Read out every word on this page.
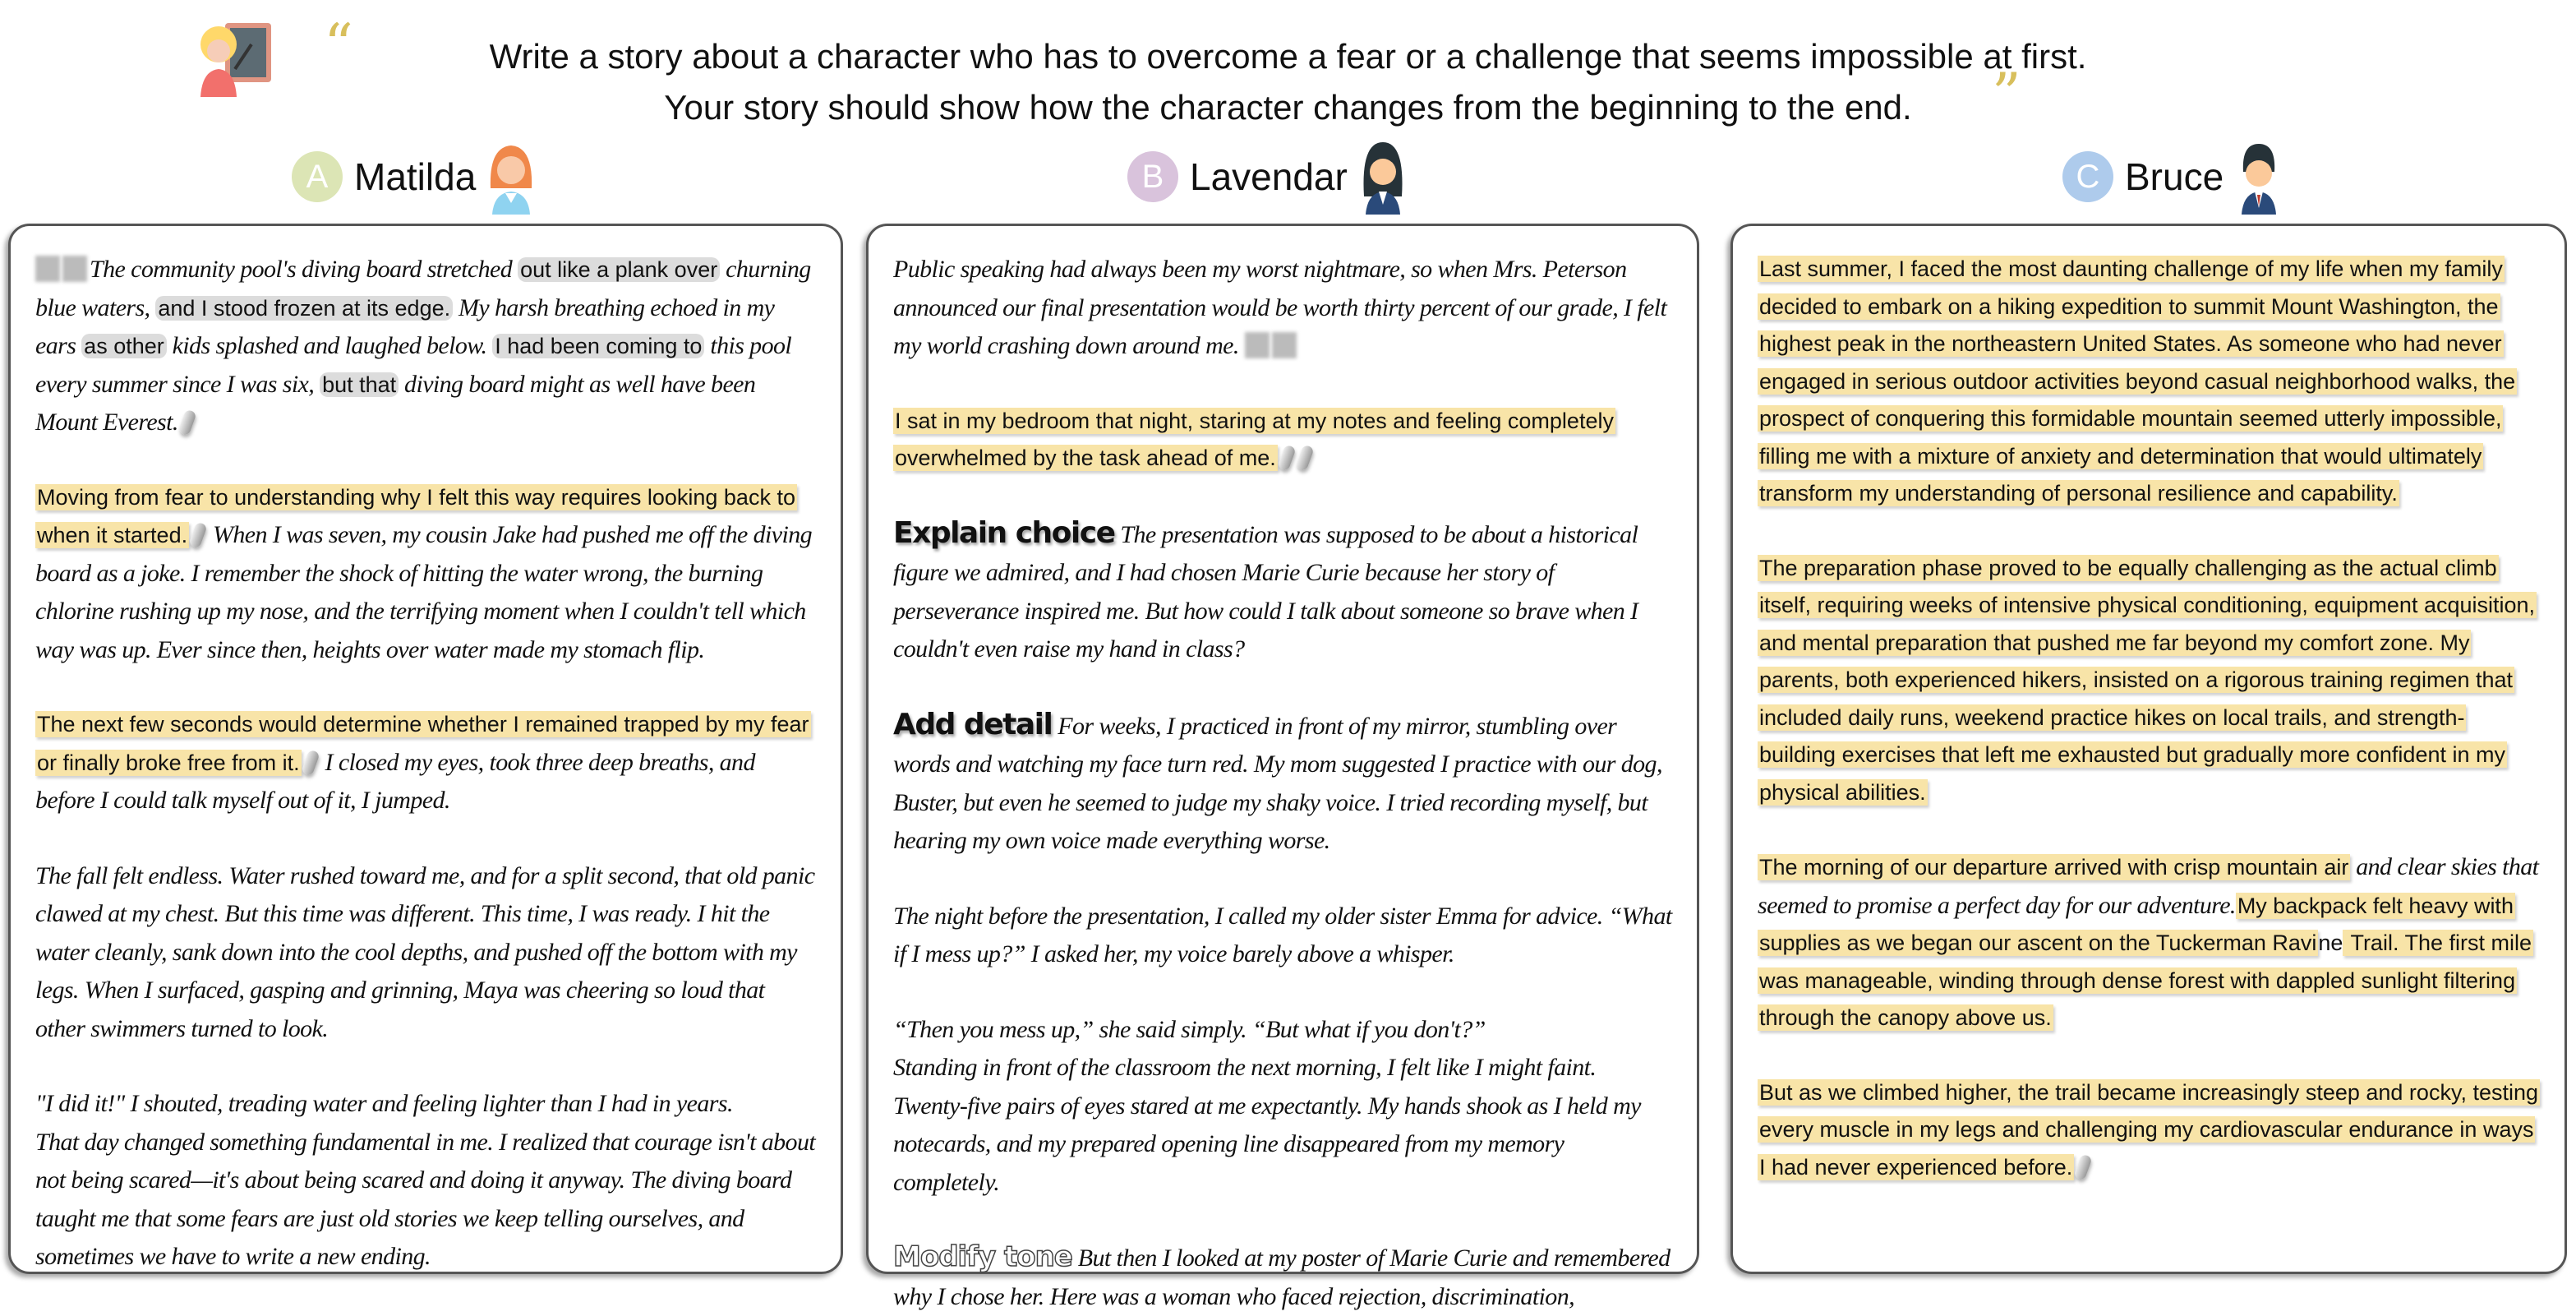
Write a story about a character who has to overcome a fear or a challenge that seems impossible at first.
Your story should show how the character changes from the beginning to the end.
“
”
A Matilda	B Lavendar	C Bruce

The community pool's diving board stretched out like a plank over churning blue waters, and I stood frozen at its edge. My harsh breathing echoed in my ears as other kids splashed and laughed below. I had been coming to this pool every summer since I was six, but that diving board might as well have been Mount Everest.

Moving from fear to understanding why I felt this way requires looking back to when it started. When I was seven, my cousin Jake had pushed me off the diving board as a joke. I remember the shock of hitting the water wrong, the burning chlorine rushing up my nose, and the terrifying moment when I couldn't tell which way was up. Ever since then, heights over water made my stomach flip.

The next few seconds would determine whether I remained trapped by my fear or finally broke free from it. I closed my eyes, took three deep breaths, and before I could talk myself out of it, I jumped.

The fall felt endless. Water rushed toward me, and for a split second, that old panic clawed at my chest. But this time was different. This time, I was ready. I hit the water cleanly, sank down into the cool depths, and pushed off the bottom with my legs. When I surfaced, gasping and grinning, Maya was cheering so loud that other swimmers turned to look.

"I did it!" I shouted, treading water and feeling lighter than I had in years.
That day changed something fundamental in me. I realized that courage isn't about not being scared—it's about being scared and doing it anyway. The diving board taught me that some fears are just old stories we keep telling ourselves, and sometimes we have to write a new ending.

Public speaking had always been my worst nightmare, so when Mrs. Peterson announced our final presentation would be worth thirty percent of our grade, I felt my world crashing down around me.

I sat in my bedroom that night, staring at my notes and feeling completely overwhelmed by the task ahead of me.

Explain choice The presentation was supposed to be about a historical figure we admired, and I had chosen Marie Curie because her story of perseverance inspired me. But how could I talk about someone so brave when I couldn't even raise my hand in class?

Add detail For weeks, I practiced in front of my mirror, stumbling over words and watching my face turn red. My mom suggested I practice with our dog, Buster, but even he seemed to judge my shaky voice. I tried recording myself, but hearing my own voice made everything worse.

The night before the presentation, I called my older sister Emma for advice. “What if I mess up?” I asked her, my voice barely above a whisper.

“Then you mess up,” she said simply. “But what if you don't?”
Standing in front of the classroom the next morning, I felt like I might faint. Twenty-five pairs of eyes stared at me expectantly. My hands shook as I held my notecards, and my prepared opening line disappeared from my memory completely.

Modify tone But then I looked at my poster of Marie Curie and remembered why I chose her. Here was a woman who faced rejection, discrimination,

Last summer, I faced the most daunting challenge of my life when my family decided to embark on a hiking expedition to summit Mount Washington, the highest peak in the northeastern United States. As someone who had never engaged in serious outdoor activities beyond casual neighborhood walks, the prospect of conquering this formidable mountain seemed utterly impossible, filling me with a mixture of anxiety and determination that would ultimately transform my understanding of personal resilience and capability.

The preparation phase proved to be equally challenging as the actual climb itself, requiring weeks of intensive physical conditioning, equipment acquisition, and mental preparation that pushed me far beyond my comfort zone. My parents, both experienced hikers, insisted on a rigorous training regimen that included daily runs, weekend practice hikes on local trails, and strength-building exercises that left me exhausted but gradually more confident in my physical abilities.

The morning of our departure arrived with crisp mountain air and clear skies that seemed to promise a perfect day for our adventure.My backpack felt heavy with supplies as we began our ascent on the Tuckerman Ravine Trail. The first mile was manageable, winding through dense forest with dappled sunlight filtering through the canopy above us.

But as we climbed higher, the trail became increasingly steep and rocky, testing every muscle in my legs and challenging my cardiovascular endurance in ways I had never experienced before.
